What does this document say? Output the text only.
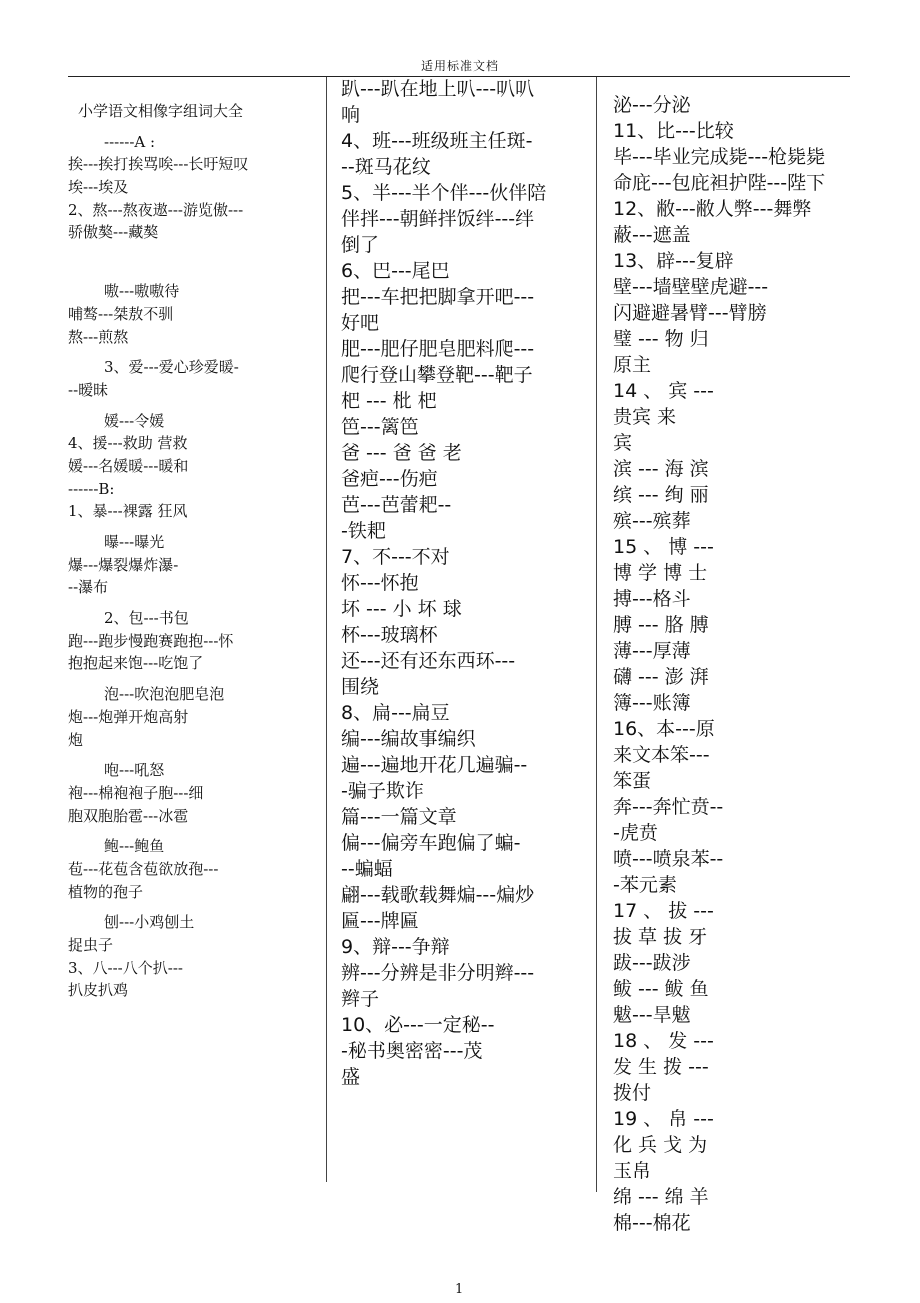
适用标准文档
小学语文相像字组词大全
------A :
挨---挨打挨骂唉---长吁短叹
埃---埃及
2、熬---熬夜遨---游览傲---
骄傲獒---藏獒
嗷---嗷嗷待
哺骜---桀敖不驯
熬---煎熬
3、爱---爱心珍爱暖-
--暧昧
媛---令媛
4、援---救助 营救
媛---名媛暖---暖和
------B:
1、暴---裸露 狂风
曝---曝光
爆---爆裂爆炸瀑-
--瀑布
2、包---书包
跑---跑步慢跑赛跑抱---怀
抱抱起来饱---吃饱了
泡---吹泡泡肥皂泡
炮---炮弹开炮高射
炮
咆---吼怒
袍---棉袍袍子胞---细
胞双胞胎雹---冰雹
鲍---鲍鱼
苞---花苞含苞欲放孢---
植物的孢子
刨---小鸡刨土
捉虫子
3、八---八个扒---
扒皮扒鸡
趴---趴在地上叭---叭叭
响
4、班---班级班主任斑-
--斑马花纹
5、半---半个伴---伙伴陪
伴拌---朝鲜拌饭绊---绊
倒了
6、巴---尾巴
把---车把把脚拿开吧---
好吧
肥---肥仔肥皂肥料爬---
爬行登山攀登靶---靶子
杷 --- 枇 杷
笆---篱笆
爸 --- 爸 爸 老
爸疤---伤疤
芭---芭蕾耙--
-铁耙
7、不---不对
怀---怀抱
坏 --- 小 坏 球
杯---玻璃杯
还---还有还东西环---
围绕
8、扁---扁豆
编---编故事编织
遍---遍地开花几遍骗--
-骗子欺诈
篇---一篇文章
偏---偏旁车跑偏了蝙-
--蝙蝠
翩---载歌载舞煸---煸炒
匾---牌匾
9、辩---争辩
辨---分辨是非分明辫---
辫子
10、必---一定秘--
-秘书奥密密---茂
盛
泌---分泌
11、比---比较
毕---毕业完成毙---枪毙毙
命庇---包庇袒护陛---陛下
12、敝---敝人弊---舞弊
蔽---遮盖
13、辟---复辟
壁---墙壁壁虎避---
闪避避暑臂---臂膀
璧 --- 物 归
原主
14 、 宾 ---
贵宾 来
宾
滨 --- 海 滨
缤 --- 绚 丽
殡---殡葬
15 、 博 ---
博 学 博 士
搏---格斗
膊 --- 胳 膊
薄---厚薄
礴 --- 澎 湃
簿---账簿
16、本---原
来文本笨---
笨蛋
奔---奔忙贲--
-虎贲
喷---喷泉苯--
-苯元素
17 、 拔 ---
拔 草 拔 牙
跋---跋涉
鲅 --- 鲅 鱼
魃---旱魃
18 、 发 ---
发 生 拨 ---
拨付
19 、 帛 ---
化 兵 戈 为
玉帛
绵 --- 绵 羊
棉---棉花
1
